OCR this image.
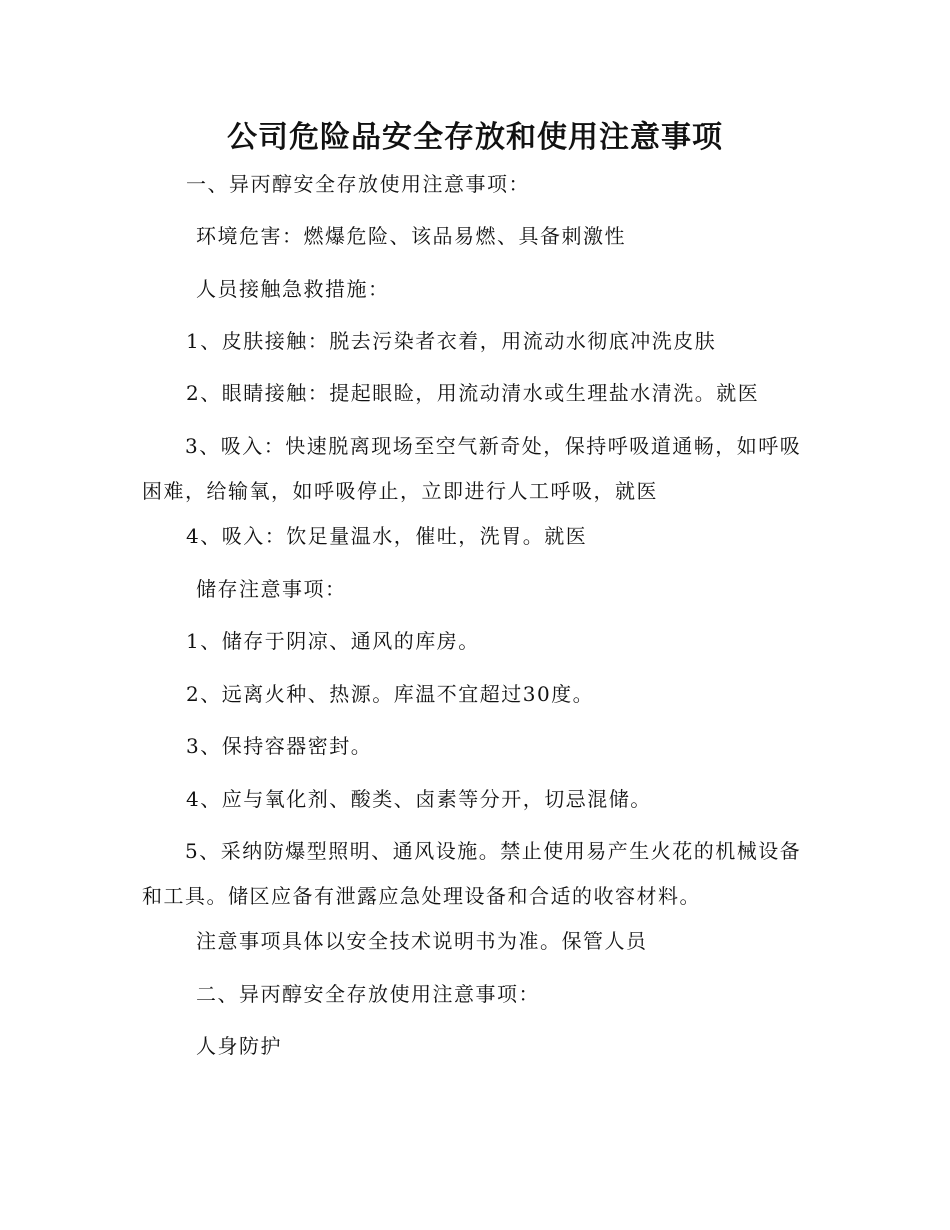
公司危险品安全存放和使用注意事项
一、异丙醇安全存放使用注意事项：
环境危害：燃爆危险、该品易燃、具备刺激性
人员接触急救措施：
1、皮肤接触：脱去污染者衣着，用流动水彻底冲洗皮肤
2、眼睛接触：提起眼睑，用流动清水或生理盐水清洗。就医
3、吸入：快速脱离现场至空气新奇处，保持呼吸道通畅，如呼吸困难，给输氧，如呼吸停止，立即进行人工呼吸，就医
4、吸入：饮足量温水，催吐，洗胃。就医
储存注意事项：
1、储存于阴凉、通风的库房。
2、远离火种、热源。库温不宜超过30度。
3、保持容器密封。
4、应与氧化剂、酸类、卤素等分开，切忌混储。
5、采纳防爆型照明、通风设施。禁止使用易产生火花的机械设备和工具。储区应备有泄露应急处理设备和合适的收容材料。
注意事项具体以安全技术说明书为准。保管人员
二、异丙醇安全存放使用注意事项：
人身防护
